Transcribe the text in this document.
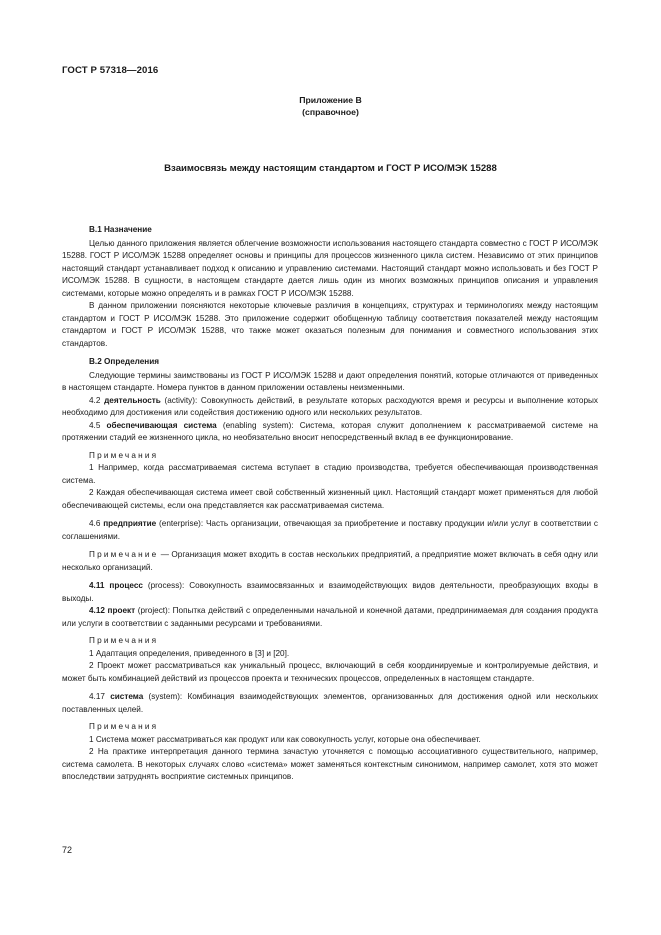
ГОСТ Р 57318—2016
Приложение В
(справочное)
Взаимосвязь между настоящим стандартом и ГОСТ Р ИСО/МЭК 15288

В.1 Назначение

Целью данного приложения является облегчение возможности использования настоящего стандарта совместно с ГОСТ Р ИСО/МЭК 15288. ГОСТ Р ИСО/МЭК 15288 определяет основы и принципы для процессов жизненного цикла систем. Независимо от этих принципов настоящий стандарт устанавливает подход к описанию и управлению системами. Настоящий стандарт можно использовать и без ГОСТ Р ИСО/МЭК 15288. В сущности, в настоящем стандарте дается лишь один из многих возможных принципов описания и управления системами, которые можно определять и в рамках ГОСТ Р ИСО/МЭК 15288.

В данном приложении поясняются некоторые ключевые различия в концепциях, структурах и терминологиях между настоящим стандартом и ГОСТ Р ИСО/МЭК 15288. Это приложение содержит обобщенную таблицу соответствия показателей между настоящим стандартом и ГОСТ Р ИСО/МЭК 15288, что также может оказаться полезным для понимания и совместного использования этих стандартов.

В.2 Определения

Следующие термины заимствованы из ГОСТ Р ИСО/МЭК 15288 и дают определения понятий, которые отличаются от приведенных в настоящем стандарте. Номера пунктов в данном приложении оставлены неизменными.

4.2 деятельность (activity): Совокупность действий, в результате которых расходуются время и ресурсы и выполнение которых необходимо для достижения или содействия достижению одного или нескольких результатов.

4.5 обеспечивающая система (enabling system): Система, которая служит дополнением к рассматриваемой системе на протяжении стадий ее жизненного цикла, но необязательно вносит непосредственный вклад в ее функционирование.

Примечания

1 Например, когда рассматриваемая система вступает в стадию производства, требуется обеспечивающая производственная система.

2 Каждая обеспечивающая система имеет свой собственный жизненный цикл. Настоящий стандарт может применяться для любой обеспечивающей системы, если она представляется как рассматриваемая система.

4.6 предприятие (enterprise): Часть организации, отвечающая за приобретение и поставку продукции и/или услуг в соответствии с соглашениями.

Примечание — Организация может входить в состав нескольких предприятий, а предприятие может включать в себя одну или несколько организаций.

4.11 процесс (process): Совокупность взаимосвязанных и взаимодействующих видов деятельности, преобразующих входы в выходы.

4.12 проект (project): Попытка действий с определенными начальной и конечной датами, предпринимаемая для создания продукта или услуги в соответствии с заданными ресурсами и требованиями.

Примечания

1 Адаптация определения, приведенного в [3] и [20].

2 Проект может рассматриваться как уникальный процесс, включающий в себя координируемые и контролируемые действия, и может быть комбинацией действий из процессов проекта и технических процессов, определенных в настоящем стандарте.

4.17 система (system): Комбинация взаимодействующих элементов, организованных для достижения одной или нескольких поставленных целей.

Примечания

1 Система может рассматриваться как продукт или как совокупность услуг, которые она обеспечивает.

2 На практике интерпретация данного термина зачастую уточняется с помощью ассоциативного существительного, например, система самолета. В некоторых случаях слово «система» может заменяться контекстным синонимом, например самолет, хотя это может впоследствии затруднять восприятие системных принципов.

72
